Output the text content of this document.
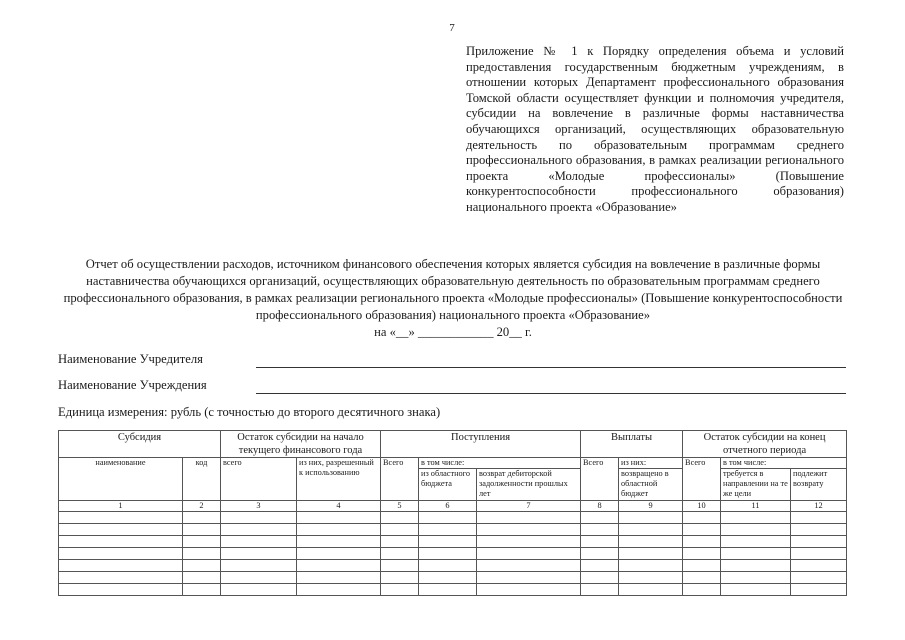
7
Приложение № 1 к Порядку определения объема и условий предоставления государственным бюджетным учреждениям, в отношении которых Департамент профессионального образования Томской области осуществляет функции и полномочия учредителя, субсидии на вовлечение в различные формы наставничества обучающихся организаций, осуществляющих образовательную деятельность по образовательным программам среднего профессионального образования, в рамках реализации регионального проекта «Молодые профессионалы» (Повышение конкурентоспособности профессионального образования) национального проекта «Образование»
Отчет об осуществлении расходов, источником финансового обеспечения которых является субсидия на вовлечение в различные формы наставничества обучающихся организаций, осуществляющих образовательную деятельность по образовательным программам среднего профессионального образования, в рамках реализации регионального проекта «Молодые профессионалы» (Повышение конкурентоспособности профессионального образования) национального проекта «Образование»
на «__» ____________ 20__ г.
Наименование Учредителя
Наименование Учреждения
Единица измерения: рубль (с точностью до второго десятичного знака)
Субсидия		Остаток субсидии на начало текущего финансового года		Поступления			Выплаты		Остаток субсидии на конец отчетного периода		
наименование	код	всего	из них, разрешенный к использованию	Всего	в том числе:		Всего	из них:	Всего	в том числе:	
					из областного бюджета	возврат дебиторской задолженности прошлых лет		возвращено в областной бюджет		требуется в направлении на те же цели	подлежит возврату
1	2	3	4	5	6	7	8	9	10	11	12
